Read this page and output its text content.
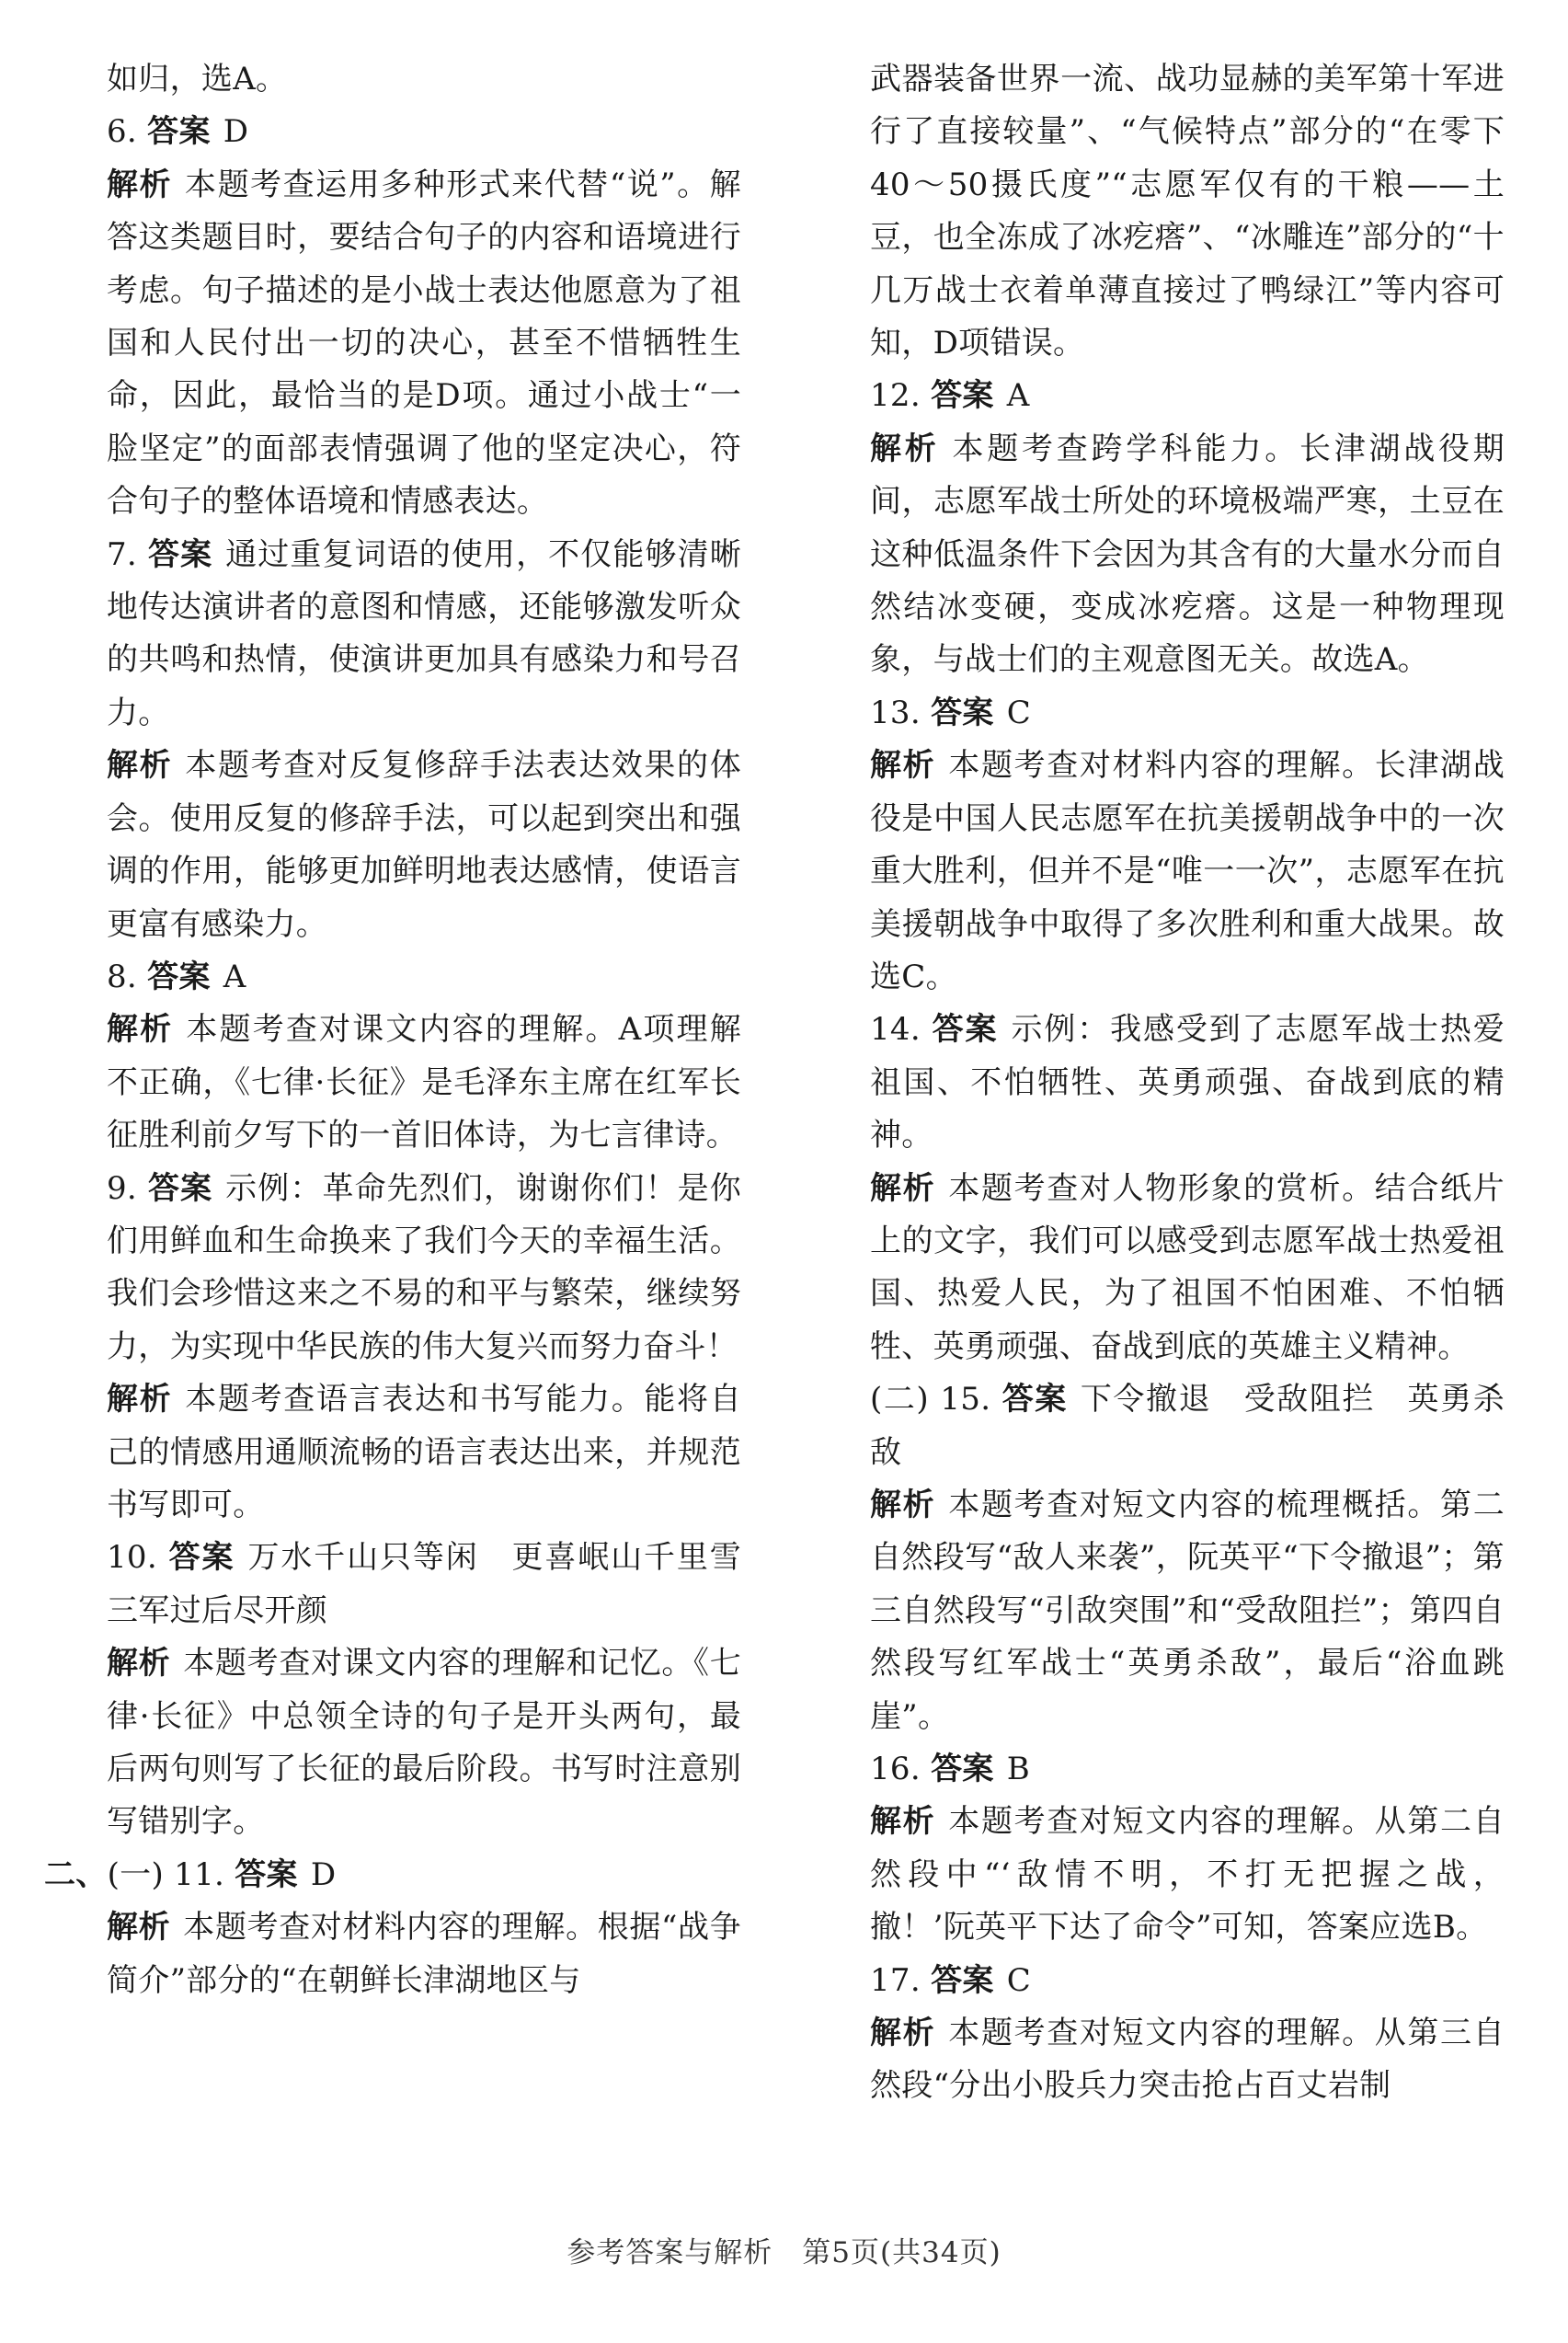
如归，选A。

6. 答案 D

解析 本题考查运用多种形式来代替“说”。解答这类题目时，要结合句子的内容和语境进行考虑。句子描述的是小战士表达他愿意为了祖国和人民付出一切的决心，甚至不惜牺牲生命，因此，最恰当的是D项。通过小战士“一脸坚定”的面部表情强调了他的坚定决心，符合句子的整体语境和情感表达。

7. 答案 通过重复词语的使用，不仅能够清晰地传达演讲者的意图和情感，还能够激发听众的共鸣和热情，使演讲更加具有感染力和号召力。

解析 本题考查对反复修辞手法表达效果的体会。使用反复的修辞手法，可以起到突出和强调的作用，能够更加鲜明地表达感情，使语言更富有感染力。

8. 答案 A

解析 本题考查对课文内容的理解。A项理解不正确，《七律·长征》是毛泽东主席在红军长征胜利前夕写下的一首旧体诗，为七言律诗。

9. 答案 示例：革命先烈们，谢谢你们！是你们用鲜血和生命换来了我们今天的幸福生活。我们会珍惜这来之不易的和平与繁荣，继续努力，为实现中华民族的伟大复兴而努力奋斗！

解析 本题考查语言表达和书写能力。能将自己的情感用通顺流畅的语言表达出来，并规范书写即可。

10. 答案 万水千山只等闲　更喜岷山千里雪　三军过后尽开颜

解析 本题考查对课文内容的理解和记忆。《七律·长征》中总领全诗的句子是开头两句，最后两句则写了长征的最后阶段。书写时注意别写错别字。

二、(一) 11. 答案 D

解析 本题考查对材料内容的理解。根据“战争简介”部分的“在朝鲜长津湖地区与

武器装备世界一流、战功显赫的美军第十军进行了直接较量”、“气候特点”部分的“在零下40～50摄氏度”“志愿军仅有的干粮——土豆，也全冻成了冰疙瘩”、“冰雕连”部分的“十几万战士衣着单薄直接过了鸭绿江”等内容可知，D项错误。

12. 答案 A

解析 本题考查跨学科能力。长津湖战役期间，志愿军战士所处的环境极端严寒，土豆在这种低温条件下会因为其含有的大量水分而自然结冰变硬，变成冰疙瘩。这是一种物理现象，与战士们的主观意图无关。故选A。

13. 答案 C

解析 本题考查对材料内容的理解。长津湖战役是中国人民志愿军在抗美援朝战争中的一次重大胜利，但并不是“唯一一次”，志愿军在抗美援朝战争中取得了多次胜利和重大战果。故选C。

14. 答案 示例：我感受到了志愿军战士热爱祖国、不怕牺牲、英勇顽强、奋战到底的精神。

解析 本题考查对人物形象的赏析。结合纸片上的文字，我们可以感受到志愿军战士热爱祖国、热爱人民，为了祖国不怕困难、不怕牺牲、英勇顽强、奋战到底的英雄主义精神。

(二) 15. 答案 下令撤退　受敌阻拦　英勇杀敌

解析 本题考查对短文内容的梳理概括。第二自然段写“敌人来袭”，阮英平“下令撤退”；第三自然段写“引敌突围”和“受敌阻拦”；第四自然段写红军战士“英勇杀敌”，最后“浴血跳崖”。

16. 答案 B

解析 本题考查对短文内容的理解。从第二自然段中“‘敌情不明，不打无把握之战，撤！’阮英平下达了命令”可知，答案应选B。

17. 答案 C

解析 本题考查对短文内容的理解。从第三自然段“分出小股兵力突击抢占百丈岩制

参考答案与解析　第5页(共34页)
